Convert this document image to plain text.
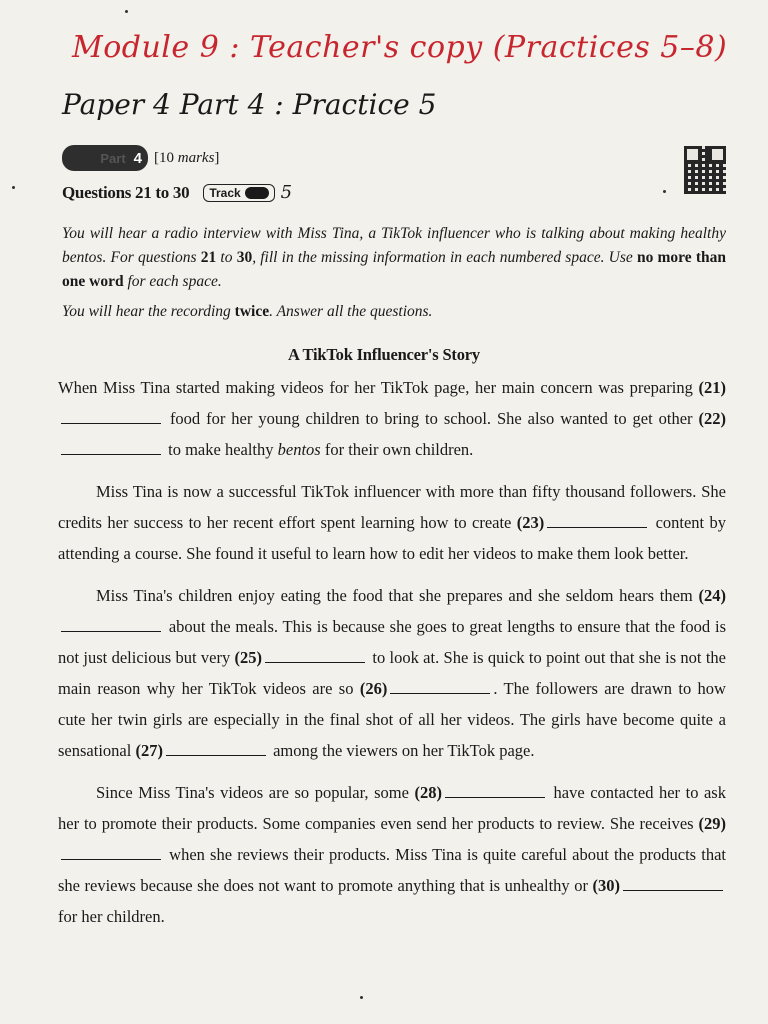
Module 9 : Teacher's copy (Practices 5–8)
Paper 4 Part 4 : Practice 5
Part 4 [10 marks]
Questions 21 to 30 Track 5
You will hear a radio interview with Miss Tina, a TikTok influencer who is talking about making healthy bentos. For questions 21 to 30, fill in the missing information in each numbered space. Use no more than one word for each space.
You will hear the recording twice. Answer all the questions.
A TikTok Influencer's Story

When Miss Tina started making videos for her TikTok page, her main concern was preparing (21) food for her young children to bring to school. She also wanted to get other (22) to make healthy bentos for their own children.

Miss Tina is now a successful TikTok influencer with more than fifty thousand followers. She credits her success to her recent effort spent learning how to create (23)	content by attending a course. She found it useful to learn how to edit her videos to make them look better.

Miss Tina's children enjoy eating the food that she prepares and she seldom hears them (24) about the meals. This is because she goes to great lengths to ensure that the food is not just delicious but very (25)	to look at. She is quick to point out that she is not the main reason why her TikTok videos are so (26)	. The followers are drawn to how cute her twin girls are especially in the final shot of all her videos. The girls have become quite a sensational (27)	among the viewers on her TikTok page.

Since Miss Tina's videos are so popular, some (28)	have contacted her to ask her to promote their products. Some companies even send her products to review. She receives (29) when she reviews their products. Miss Tina is quite careful about the products that she reviews because she does not want to promote anything that is unhealthy or (30) for her children.
